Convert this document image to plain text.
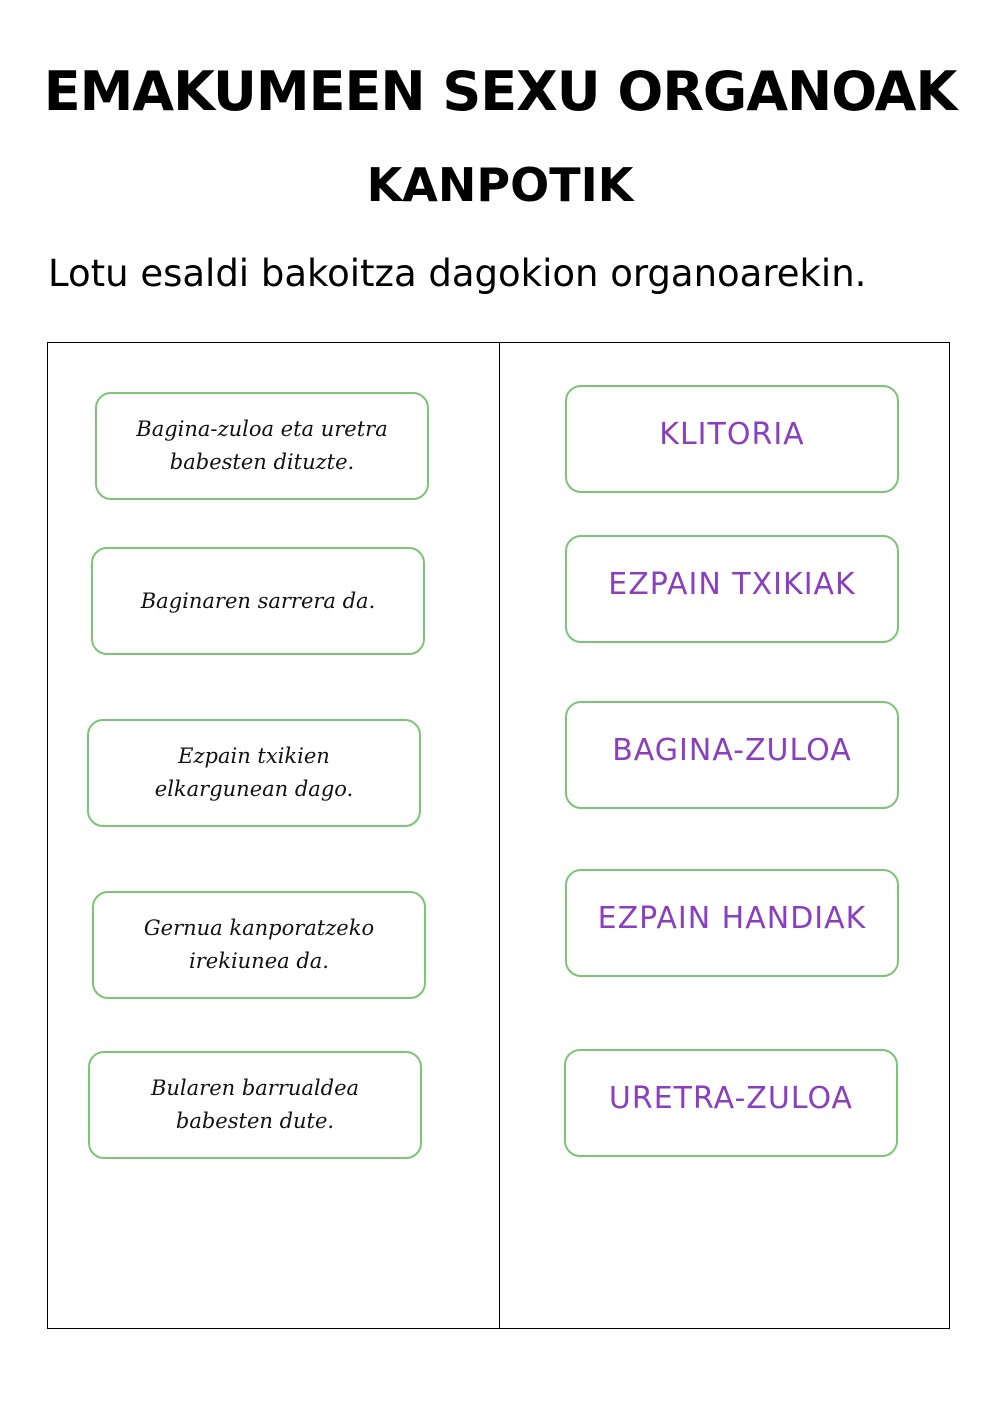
EMAKUMEEN SEXU ORGANOAK
KANPOTIK

Lotu esaldi bakoitza dagokion organoarekin.

Bagina-zuloa eta uretra babesten dituzte.
Baginaren sarrera da.
Ezpain txikien elkargunean dago.
Gernua kanporatzeko irekiunea da.
Bularen barrualdea babesten dute.
KLITORIA
EZPAIN TXIKIAK
BAGINA-ZULOA
EZPAIN HANDIAK
URETRA-ZULOA
